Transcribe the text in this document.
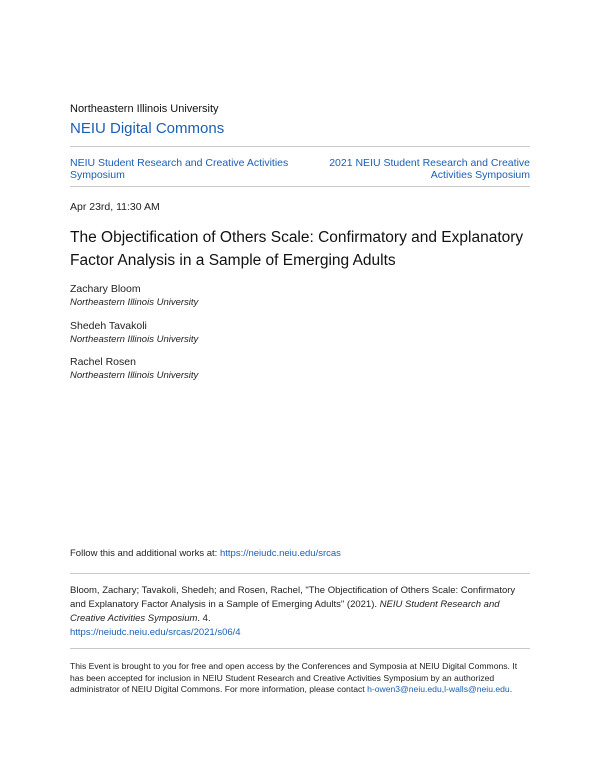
Northeastern Illinois University
NEIU Digital Commons
NEIU Student Research and Creative Activities Symposium
2021 NEIU Student Research and Creative Activities Symposium
Apr 23rd, 11:30 AM
The Objectification of Others Scale: Confirmatory and Explanatory Factor Analysis in a Sample of Emerging Adults
Zachary Bloom
Northeastern Illinois University
Shedeh Tavakoli
Northeastern Illinois University
Rachel Rosen
Northeastern Illinois University
Follow this and additional works at: https://neiudc.neiu.edu/srcas
Bloom, Zachary; Tavakoli, Shedeh; and Rosen, Rachel, "The Objectification of Others Scale: Confirmatory and Explanatory Factor Analysis in a Sample of Emerging Adults" (2021). NEIU Student Research and Creative Activities Symposium. 4.
https://neiudc.neiu.edu/srcas/2021/s06/4
This Event is brought to you for free and open access by the Conferences and Symposia at NEIU Digital Commons. It has been accepted for inclusion in NEIU Student Research and Creative Activities Symposium by an authorized administrator of NEIU Digital Commons. For more information, please contact h-owen3@neiu.edu,l-walls@neiu.edu.
